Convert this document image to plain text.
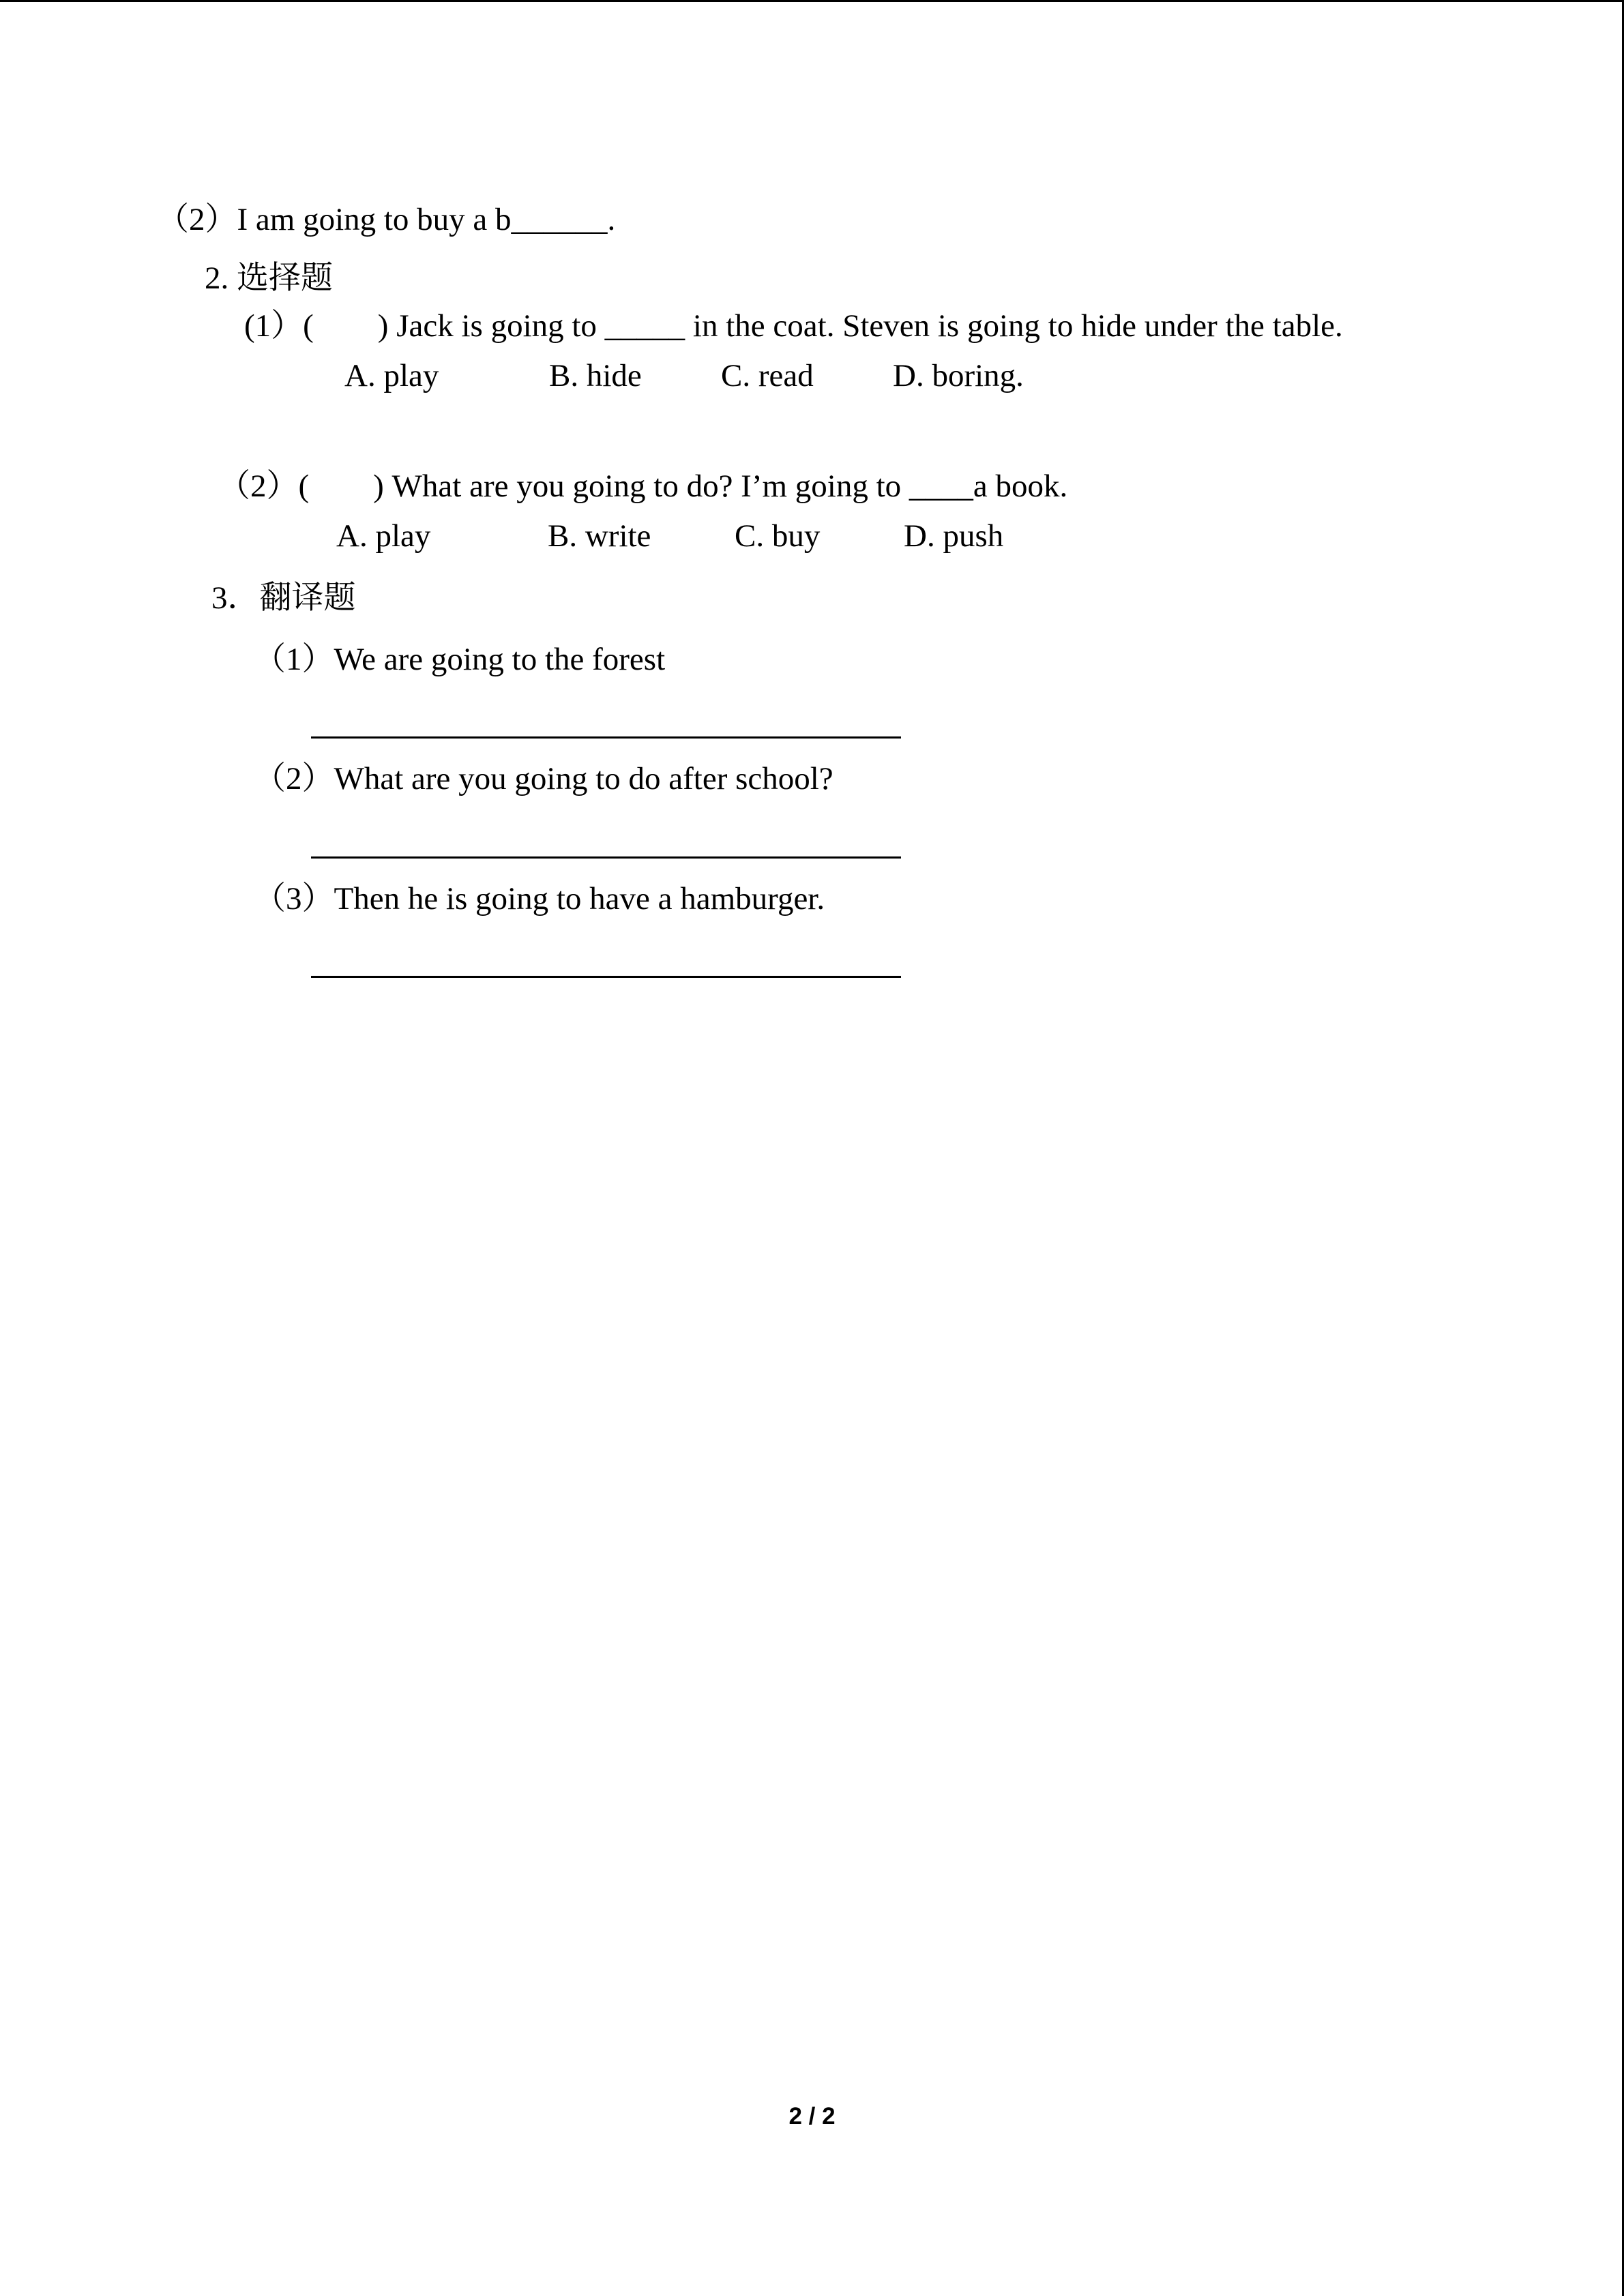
（2）I am going to buy a b______.
2. 选择题
(1）(        ) Jack is going to _____ in the coat. Steven is going to hide under the table.
A. play	B. hide C. read D. boring.
（2）(        ) What are you going to do? I’m going to ____a book.
A. play	B. write	C. buy	D. push
3．翻译题
（1）We are going to the forest
（2）What are you going to do after school?
（3）Then he is going to have a hamburger.
2 / 2
